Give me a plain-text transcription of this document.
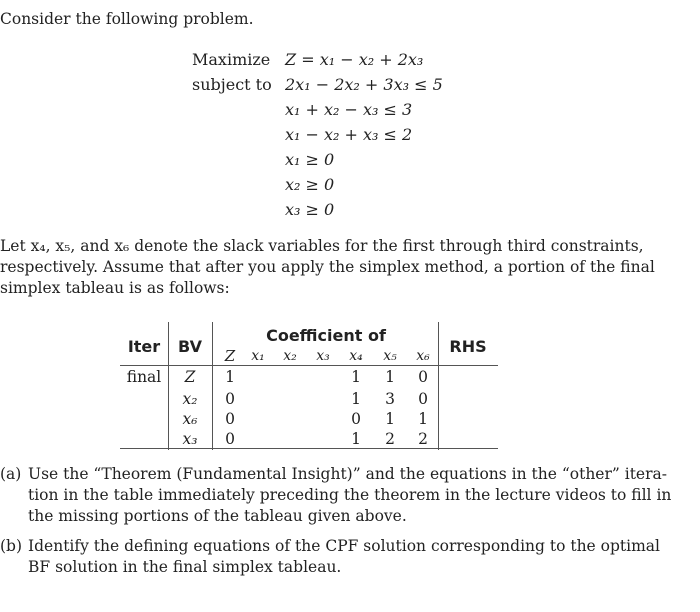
Consider the following problem.
Maximize Z = x₁ − x₂ + 2x₃
subject to 2x₁ − 2x₂ + 3x₃ ≤ 5
x₁ + x₂ − x₃ ≤ 3
x₁ − x₂ + x₃ ≤ 2
x₁ ≥ 0
x₂ ≥ 0
x₃ ≥ 0
Let x₄, x₅, and x₆ denote the slack variables for the first through third constraints,
respectively. Assume that after you apply the simplex method, a portion of the final
simplex tableau is as follows:
Iter BV
Coefficient of
RHS
Z x₁ x₂ x₃ x₄ x₅ x₆
final Z 1	1 1 0
x₂ 0	1 3 0
x₆ 0	0 1 1
x₃ 0	1 2 2
(a) Use the “Theorem (Fundamental Insight)” and the equations in the “other” itera-
tion in the table immediately preceding the theorem in the lecture videos to fill in
the missing portions of the tableau given above.
(b) Identify the defining equations of the CPF solution corresponding to the optimal
BF solution in the final simplex tableau.
